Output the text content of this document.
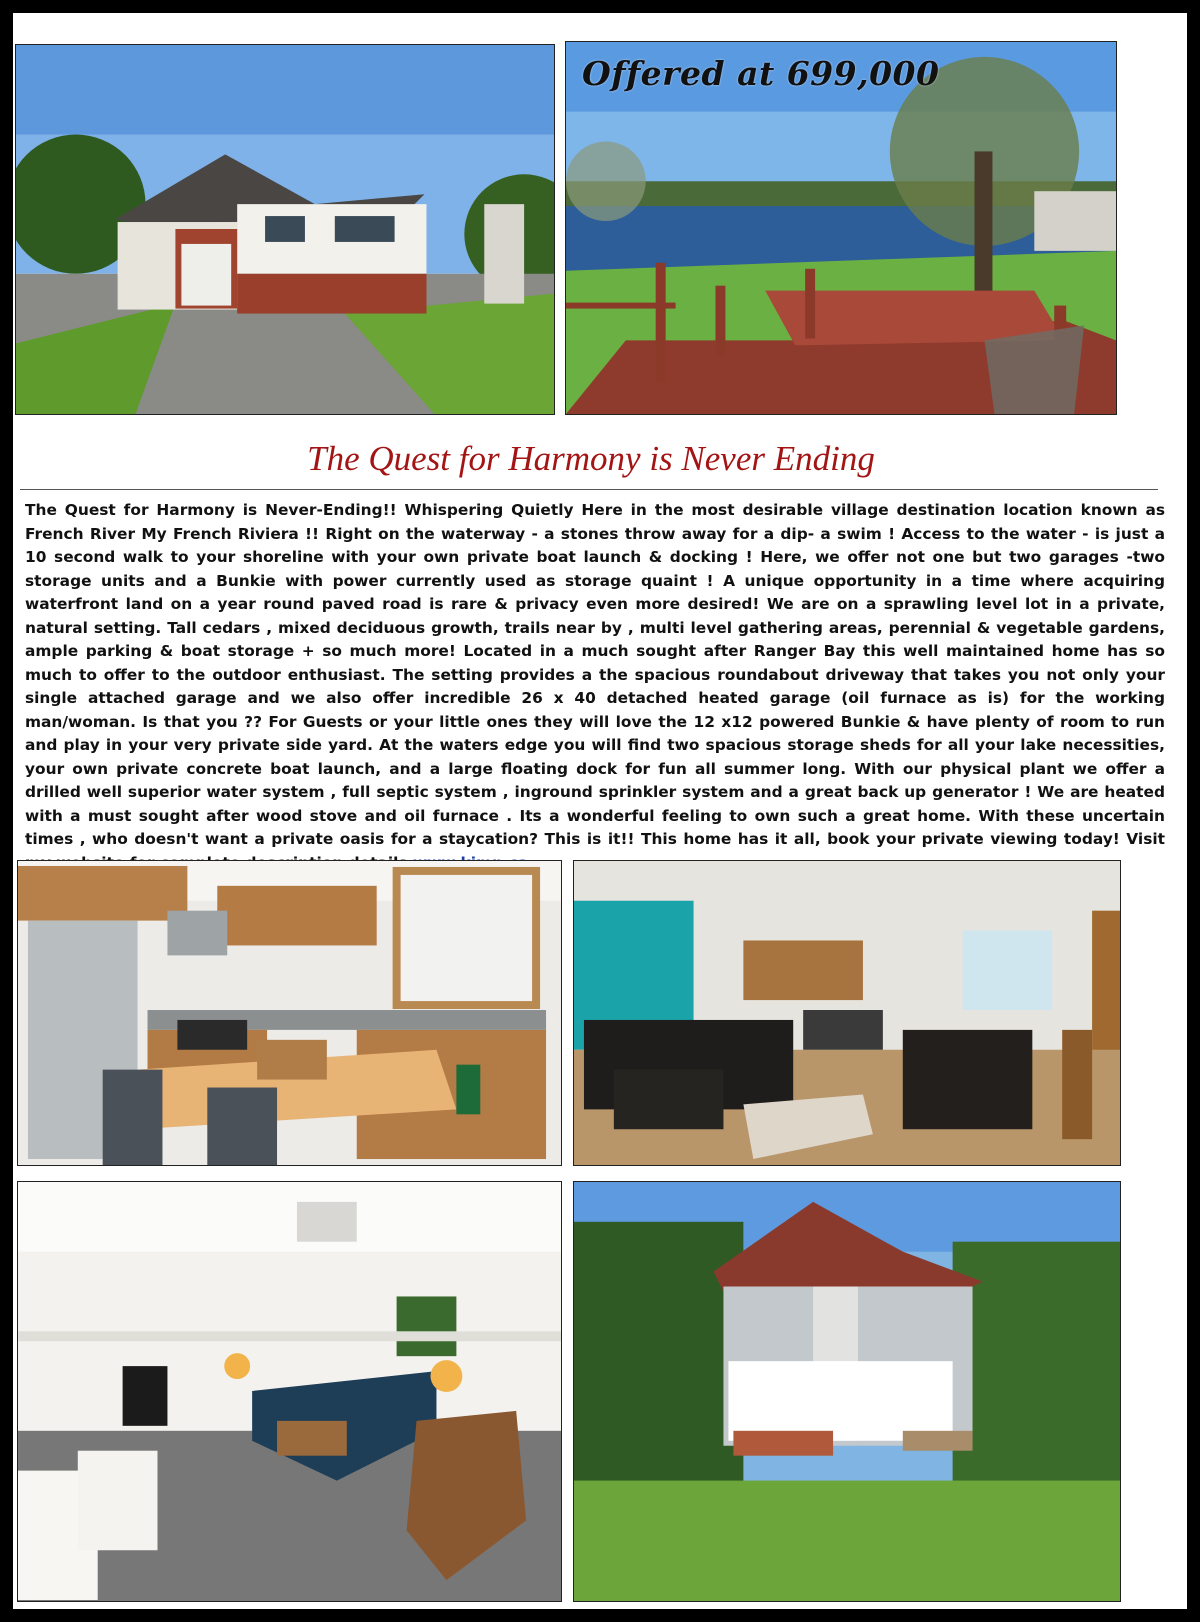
Offered at 699,000
The Quest for Harmony is Never Ending
The Quest for Harmony is Never-Ending!! Whispering Quietly Here in the most desirable village destination location known as French River My French Riviera !! Right on the waterway - a stones throw away for a dip- a swim ! Access to the water - is just a 10 second walk to your shoreline with your own private boat launch & docking ! Here, we offer not one but two garages -two storage units and a Bunkie with power currently used as storage quaint ! A unique opportunity in a time where acquiring waterfront land on a year round paved road is rare & privacy even more desired! We are on a sprawling level lot in a private, natural setting. Tall cedars , mixed deciduous growth, trails near by , multi level gathering areas, perennial & vegetable gardens, ample parking & boat storage + so much more! Located in a much sought after Ranger Bay this well maintained home has so much to offer to the outdoor enthusiast. The setting provides a the spacious roundabout driveway that takes you not only your single attached garage and we also offer incredible 26 x 40 detached heated garage (oil furnace as is) for the working man/woman. Is that you ?? For Guests or your little ones they will love the 12 x12 powered Bunkie & have plenty of room to run and play in your very private side yard. At the waters edge you will find two spacious storage sheds for all your lake necessities, your own private concrete boat launch, and a large floating dock for fun all summer long. With our physical plant we offer a drilled well superior water system , full septic system , inground sprinkler system and a great back up generator ! We are heated with a must sought after wood stove and oil furnace . Its a wonderful feeling to own such a great home. With these uncertain times , who doesn't want a private oasis for a staycation? This is it!! This home has it all, book your private viewing today! Visit
